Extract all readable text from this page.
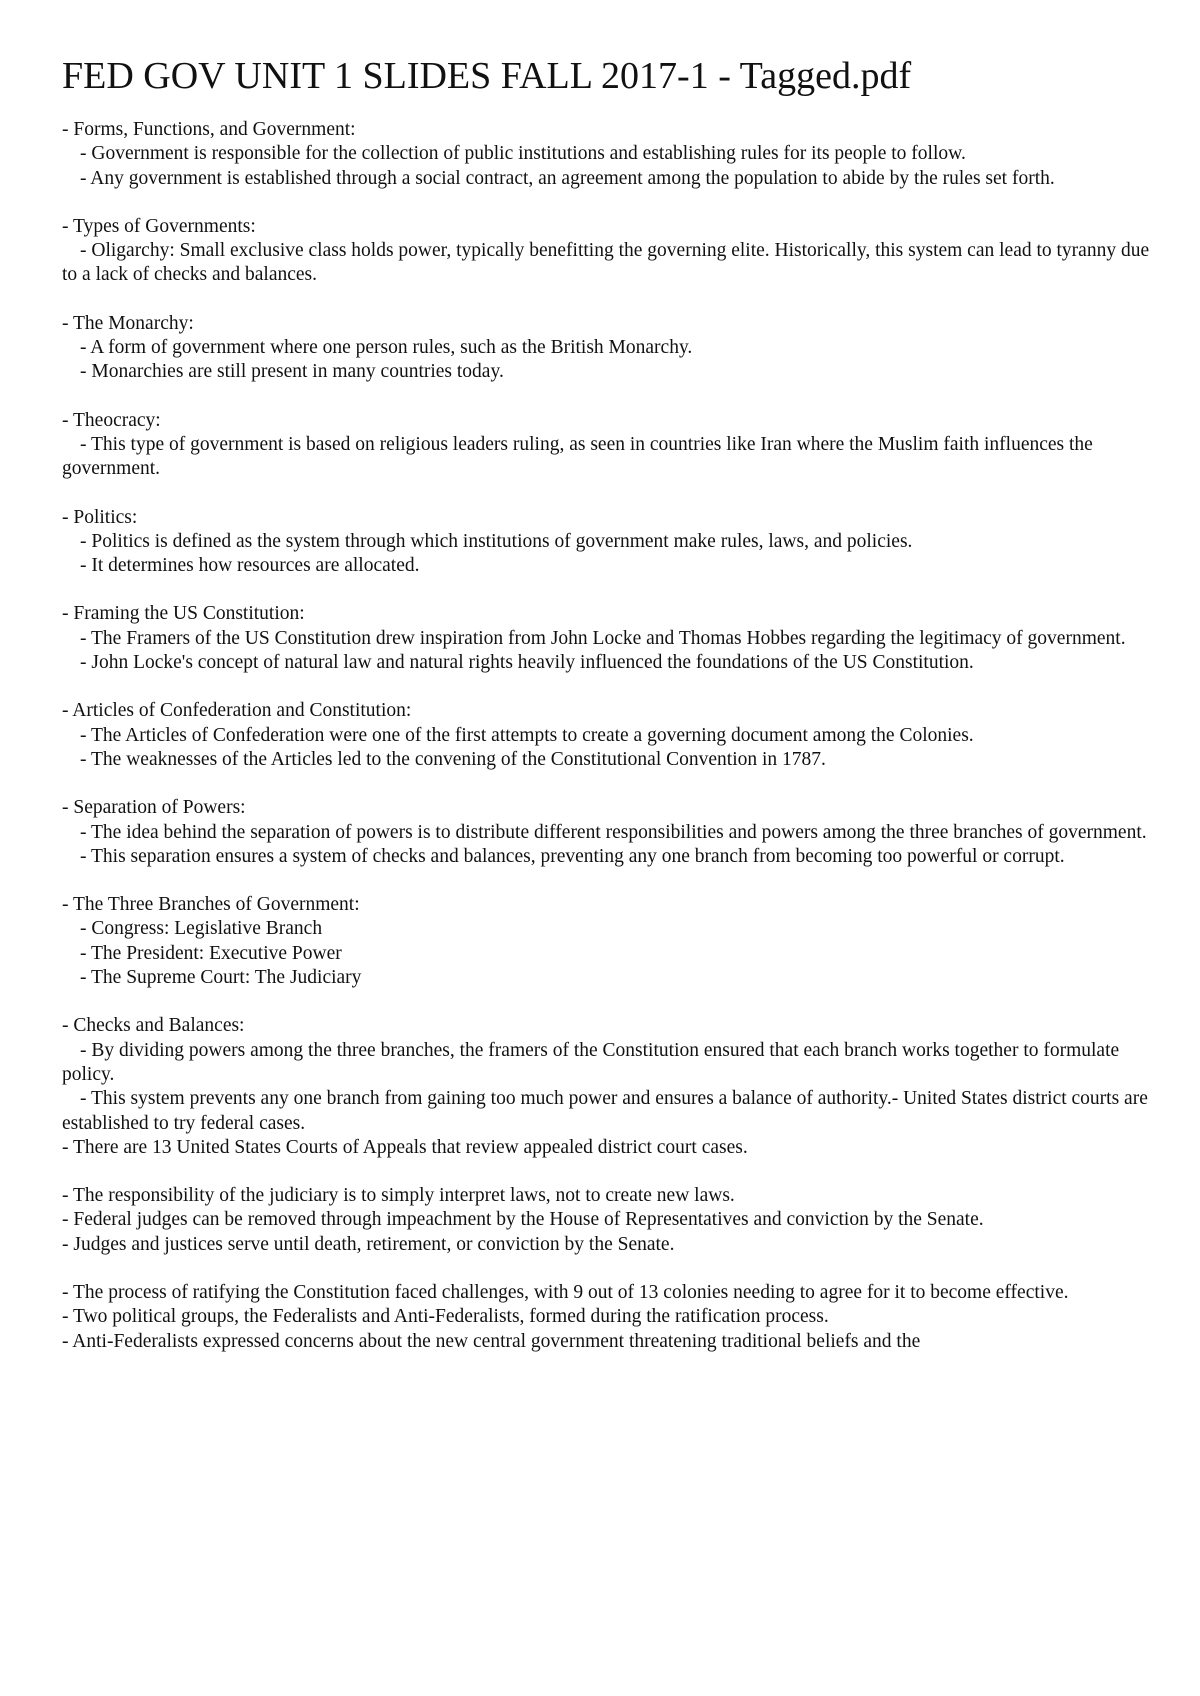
FED GOV UNIT 1 SLIDES FALL 2017-1 - Tagged.pdf

- Forms, Functions, and Government:

- Government is responsible for the collection of public institutions and establishing rules for its people to follow.

- Any government is established through a social contract, an agreement among the population to abide by the rules set forth.

- Types of Governments:

- Oligarchy: Small exclusive class holds power, typically benefitting the governing elite. Historically, this system can lead to tyranny due to a lack of checks and balances.

- The Monarchy:

- A form of government where one person rules, such as the British Monarchy.

- Monarchies are still present in many countries today.

- Theocracy:

- This type of government is based on religious leaders ruling, as seen in countries like Iran where the Muslim faith influences the government.

- Politics:

- Politics is defined as the system through which institutions of government make rules, laws, and policies.

- It determines how resources are allocated.

- Framing the US Constitution:

- The Framers of the US Constitution drew inspiration from John Locke and Thomas Hobbes regarding the legitimacy of government.

- John Locke's concept of natural law and natural rights heavily influenced the foundations of the US Constitution.

- Articles of Confederation and Constitution:

- The Articles of Confederation were one of the first attempts to create a governing document among the Colonies.

- The weaknesses of the Articles led to the convening of the Constitutional Convention in 1787.

- Separation of Powers:

- The idea behind the separation of powers is to distribute different responsibilities and powers among the three branches of government.

- This separation ensures a system of checks and balances, preventing any one branch from becoming too powerful or corrupt.

- The Three Branches of Government:

- Congress: Legislative Branch

- The President: Executive Power

- The Supreme Court: The Judiciary

- Checks and Balances:

- By dividing powers among the three branches, the framers of the Constitution ensured that each branch works together to formulate policy.

- This system prevents any one branch from gaining too much power and ensures a balance of authority.- United States district courts are established to try federal cases.

- There are 13 United States Courts of Appeals that review appealed district court cases.

- The responsibility of the judiciary is to simply interpret laws, not to create new laws.

- Federal judges can be removed through impeachment by the House of Representatives and conviction by the Senate.

- Judges and justices serve until death, retirement, or conviction by the Senate.

- The process of ratifying the Constitution faced challenges, with 9 out of 13 colonies needing to agree for it to become effective.

- Two political groups, the Federalists and Anti-Federalists, formed during the ratification process.

- Anti-Federalists expressed concerns about the new central government threatening traditional beliefs and the
